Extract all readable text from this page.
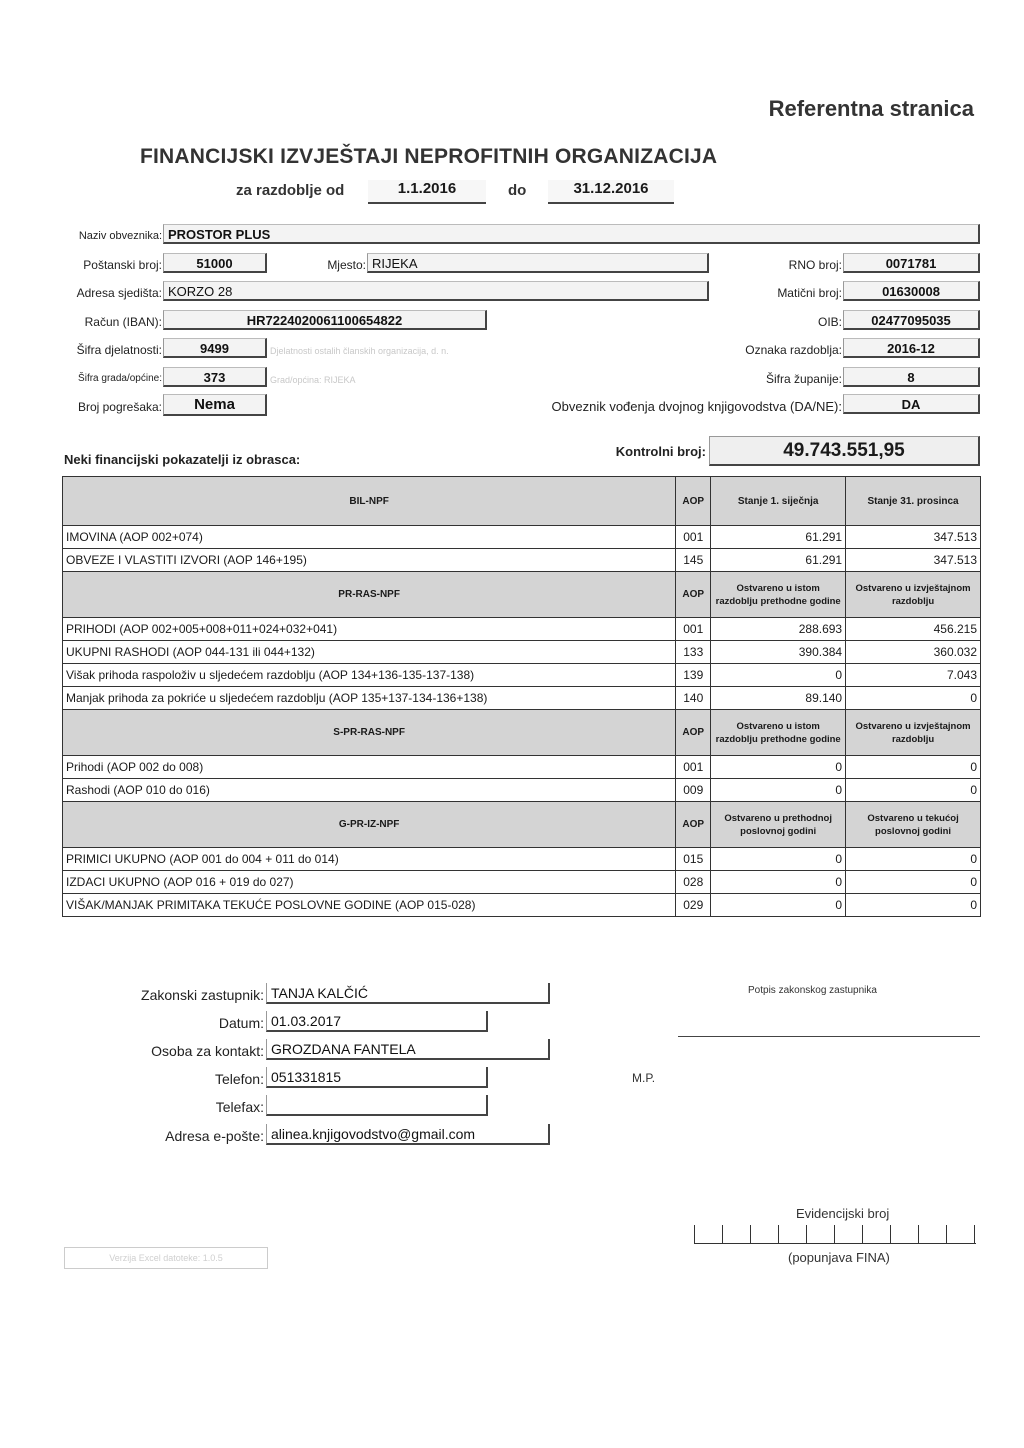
Referentna stranica
FINANCIJSKI IZVJEŠTAJI NEPROFITNIH ORGANIZACIJA
za razdoblje od	1.1.2016	do	31.12.2016
Naziv obveznika: PROSTOR PLUS
Poštanski broj:	51000	Mjesto: RIJEKA	RNO broj:	0071781
Adresa sjedišta: KORZO 28	Matični broj:	01630008
Račun (IBAN):	HR7224020061100654822	OIB:	02477095035
Šifra djelatnosti:	9499	Djelatnosti ostalih članskih organizacija, d. n.	Oznaka razdoblja:	2016-12
Šifra grada/općine:	373	Grad/općina: RIJEKA	Šifra županije:	8
Broj pogrešaka:	Nema	Obveznik vođenja dvojnog knjigovodstva (DA/NE):	DA
Neki financijski pokazatelji iz obrasca:
Kontrolni broj:	49.743.551,95
BIL-NPF	AOP	Stanje 1. siječnja	Stanje 31. prosinca
IMOVINA (AOP 002+074)	001	61.291	347.513
OBVEZE I VLASTITI IZVORI (AOP 146+195)	145	61.291	347.513
PR-RAS-NPF	AOP	Ostvareno u istom razdoblju prethodne godine	Ostvareno u izvještajnom razdoblju
PRIHODI (AOP 002+005+008+011+024+032+041)	001	288.693	456.215
UKUPNI RASHODI (AOP 044-131 ili 044+132)	133	390.384	360.032
Višak prihoda raspoloživ u sljedećem razdoblju (AOP 134+136-135-137-138)	139	0	7.043
Manjak prihoda za pokriće u sljedećem razdoblju (AOP 135+137-134-136+138)	140	89.140	0
S-PR-RAS-NPF	AOP	Ostvareno u istom razdoblju prethodne godine	Ostvareno u izvještajnom razdoblju
Prihodi (AOP 002 do 008)	001	0	0
Rashodi (AOP 010 do 016)	009	0	0
G-PR-IZ-NPF	AOP	Ostvareno u prethodnoj poslovnoj godini	Ostvareno u tekućoj poslovnoj godini
PRIMICI UKUPNO (AOP 001 do 004 + 011 do 014)	015	0	0
IZDACI UKUPNO (AOP 016 + 019 do 027)	028	0	0
VIŠAK/MANJAK PRIMITAKA TEKUĆE POSLOVNE GODINE (AOP 015-028)	029	0	0
Zakonski zastupnik: TANJA KALČIĆ
Datum: 01.03.2017
Osoba za kontakt: GROZDANA FANTELA
Telefon: 051331815
Telefax:
Adresa e-pošte: alinea.knjigovodstvo@gmail.com
Potpis zakonskog zastupnika
M.P.
Evidencijski broj
(popunjava FINA)
Verzija Excel datoteke: 1.0.5
